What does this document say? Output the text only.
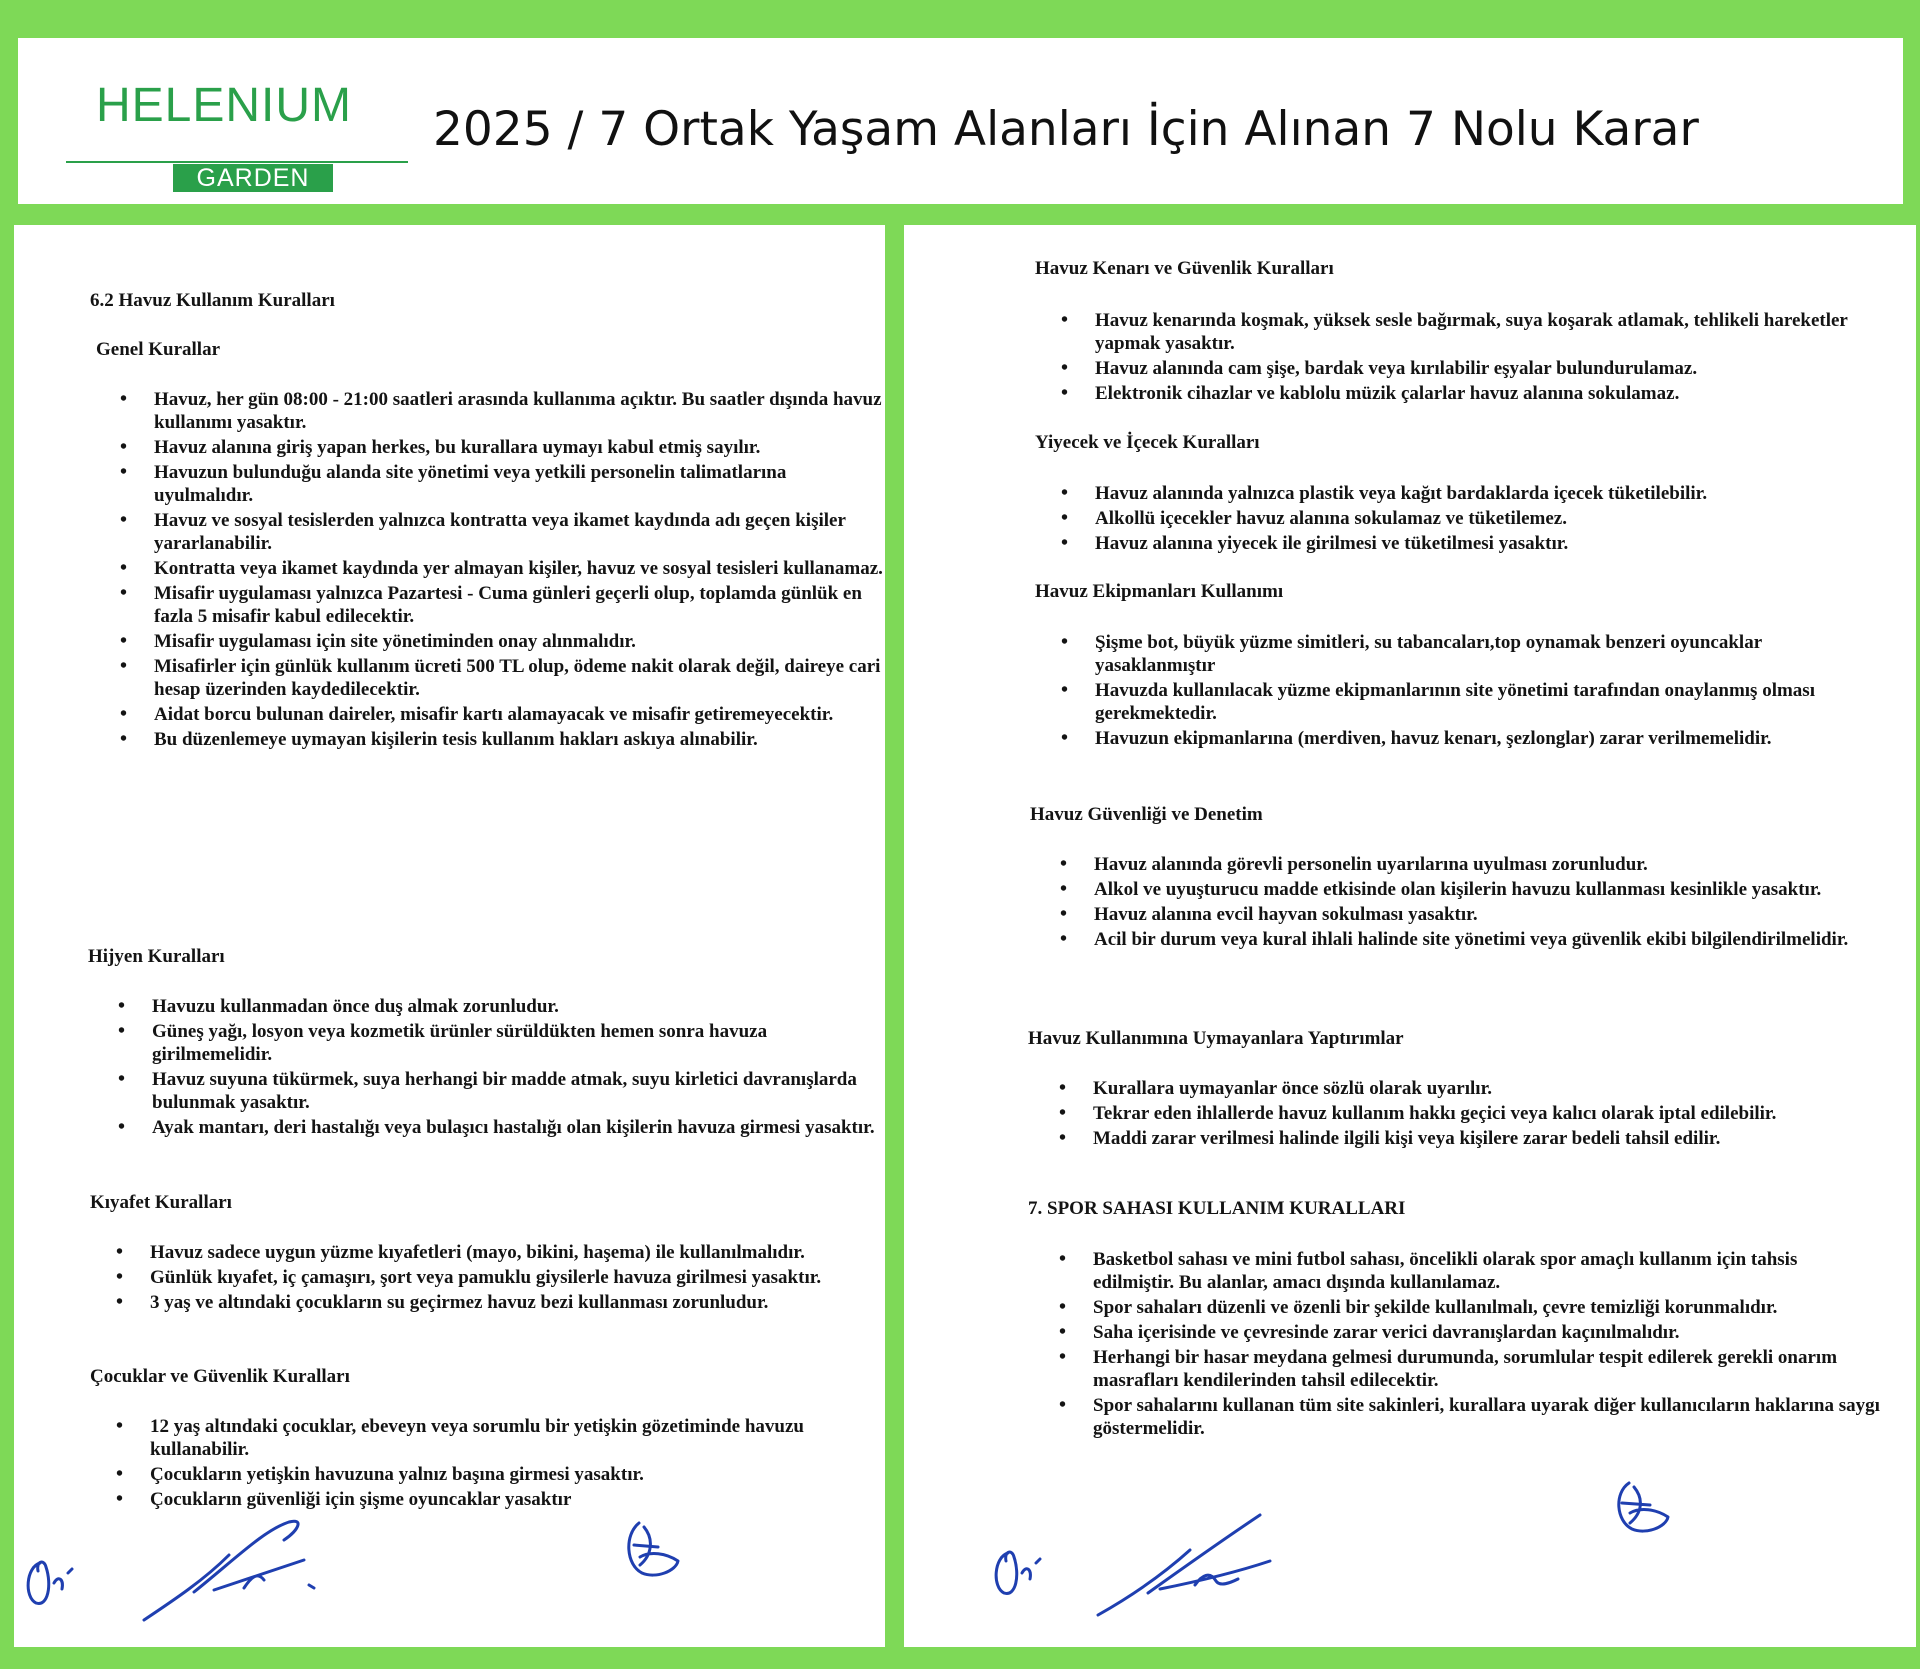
HELENIUM
GARDEN
2025 / 7 Ortak Yaşam Alanları İçin Alınan 7 Nolu Karar
6.2 Havuz Kullanım Kuralları
Genel Kurallar
• Havuz, her gün 08:00 - 21:00 saatleri arasında kullanıma açıktır. Bu saatler dışında havuz kullanımı yasaktır.
• Havuz alanına giriş yapan herkes, bu kurallara uymayı kabul etmiş sayılır.
• Havuzun bulunduğu alanda site yönetimi veya yetkili personelin talimatlarına uyulmalıdır.
• Havuz ve sosyal tesislerden yalnızca kontratta veya ikamet kaydında adı geçen kişiler yararlanabilir.
• Kontratta veya ikamet kaydında yer almayan kişiler, havuz ve sosyal tesisleri kullanamaz.
• Misafir uygulaması yalnızca Pazartesi - Cuma günleri geçerli olup, toplamda günlük en fazla 5 misafir kabul edilecektir.
• Misafir uygulaması için site yönetiminden onay alınmalıdır.
• Misafirler için günlük kullanım ücreti 500 TL olup, ödeme nakit olarak değil, daireye cari hesap üzerinden kaydedilecektir.
• Aidat borcu bulunan daireler, misafir kartı alamayacak ve misafir getiremeyecektir.
• Bu düzenlemeye uymayan kişilerin tesis kullanım hakları askıya alınabilir.
Hijyen Kuralları
• Havuzu kullanmadan önce duş almak zorunludur.
• Güneş yağı, losyon veya kozmetik ürünler sürüldükten hemen sonra havuza girilmemelidir.
• Havuz suyuna tükürmek, suya herhangi bir madde atmak, suyu kirletici davranışlarda bulunmak yasaktır.
• Ayak mantarı, deri hastalığı veya bulaşıcı hastalığı olan kişilerin havuza girmesi yasaktır.
Kıyafet Kuralları
• Havuz sadece uygun yüzme kıyafetleri (mayo, bikini, haşema) ile kullanılmalıdır.
• Günlük kıyafet, iç çamaşırı, şort veya pamuklu giysilerle havuza girilmesi yasaktır.
• 3 yaş ve altındaki çocukların su geçirmez havuz bezi kullanması zorunludur.
Çocuklar ve Güvenlik Kuralları
• 12 yaş altındaki çocuklar, ebeveyn veya sorumlu bir yetişkin gözetiminde havuzu kullanabilir.
• Çocukların yetişkin havuzuna yalnız başına girmesi yasaktır.
• Çocukların güvenliği için şişme oyuncaklar yasaktır
Havuz Kenarı ve Güvenlik Kuralları
• Havuz kenarında koşmak, yüksek sesle bağırmak, suya koşarak atlamak, tehlikeli hareketler yapmak yasaktır.
• Havuz alanında cam şişe, bardak veya kırılabilir eşyalar bulundurulamaz.
• Elektronik cihazlar ve kablolu müzik çalarlar havuz alanına sokulamaz.
Yiyecek ve İçecek Kuralları
• Havuz alanında yalnızca plastik veya kağıt bardaklarda içecek tüketilebilir.
• Alkollü içecekler havuz alanına sokulamaz ve tüketilemez.
• Havuz alanına yiyecek ile girilmesi ve tüketilmesi yasaktır.
Havuz Ekipmanları Kullanımı
• Şişme bot, büyük yüzme simitleri, su tabancaları,top oynamak benzeri oyuncaklar yasaklanmıştır
• Havuzda kullanılacak yüzme ekipmanlarının site yönetimi tarafından onaylanmış olması gerekmektedir.
• Havuzun ekipmanlarına (merdiven, havuz kenarı, şezlonglar) zarar verilmemelidir.
Havuz Güvenliği ve Denetim
• Havuz alanında görevli personelin uyarılarına uyulması zorunludur.
• Alkol ve uyuşturucu madde etkisinde olan kişilerin havuzu kullanması kesinlikle yasaktır.
• Havuz alanına evcil hayvan sokulması yasaktır.
• Acil bir durum veya kural ihlali halinde site yönetimi veya güvenlik ekibi bilgilendirilmelidir.
Havuz Kullanımına Uymayanlara Yaptırımlar
• Kurallara uymayanlar önce sözlü olarak uyarılır.
• Tekrar eden ihlallerde havuz kullanım hakkı geçici veya kalıcı olarak iptal edilebilir.
• Maddi zarar verilmesi halinde ilgili kişi veya kişilere zarar bedeli tahsil edilir.
7. SPOR SAHASI KULLANIM KURALLARI
• Basketbol sahası ve mini futbol sahası, öncelikli olarak spor amaçlı kullanım için tahsis edilmiştir. Bu alanlar, amacı dışında kullanılamaz.
• Spor sahaları düzenli ve özenli bir şekilde kullanılmalı, çevre temizliği korunmalıdır.
• Saha içerisinde ve çevresinde zarar verici davranışlardan kaçınılmalıdır.
• Herhangi bir hasar meydana gelmesi durumunda, sorumlular tespit edilerek gerekli onarım masrafları kendilerinden tahsil edilecektir.
• Spor sahalarını kullanan tüm site sakinleri, kurallara uyarak diğer kullanıcıların haklarına saygı göstermelidir.
